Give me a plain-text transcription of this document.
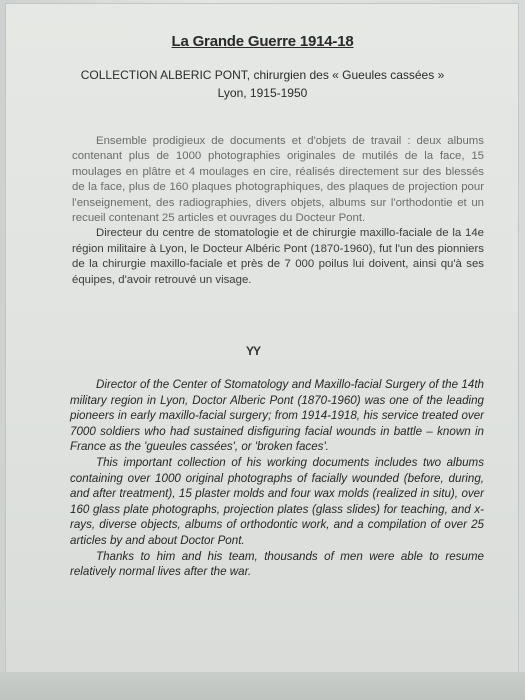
La Grande Guerre 1914-18
COLLECTION ALBERIC PONT, chirurgien des « Gueules cassées »
Lyon, 1915-1950

Ensemble prodigieux de documents et d'objets de travail : deux albums contenant plus de 1000 photographies originales de mutilés de la face, 15 moulages en plâtre et 4 moulages en cire, réalisés directement sur des blessés de la face, plus de 160 plaques photographiques, des plaques de projection pour l'enseignement, des radiographies, divers objets, albums sur l'orthodontie et un recueil contenant 25 articles et ouvrages du Docteur Pont.

Directeur du centre de stomatologie et de chirurgie maxillo-faciale de la 14e région militaire à Lyon, le Docteur Albéric Pont (1870-1960), fut l'un des pionniers de la chirurgie maxillo-faciale et près de 7 000 poilus lui doivent, ainsi qu'à ses équipes, d'avoir retrouvé un visage.

YY

Director of the Center of Stomatology and Maxillo-facial Surgery of the 14th military region in Lyon, Doctor Alberic Pont (1870-1960) was one of the leading pioneers in early maxillo-facial surgery; from 1914-1918, his service treated over 7000 soldiers who had sustained disfiguring facial wounds in battle – known in France as the 'gueules cassées', or 'broken faces'.

This important collection of his working documents includes two albums containing over 1000 original photographs of facially wounded (before, during, and after treatment), 15 plaster molds and four wax molds (realized in situ), over 160 glass plate photographs, projection plates (glass slides) for teaching, and x-rays, diverse objects, albums of orthodontic work, and a compilation of over 25 articles by and about Doctor Pont.

Thanks to him and his team, thousands of men were able to resume relatively normal lives after the war.
